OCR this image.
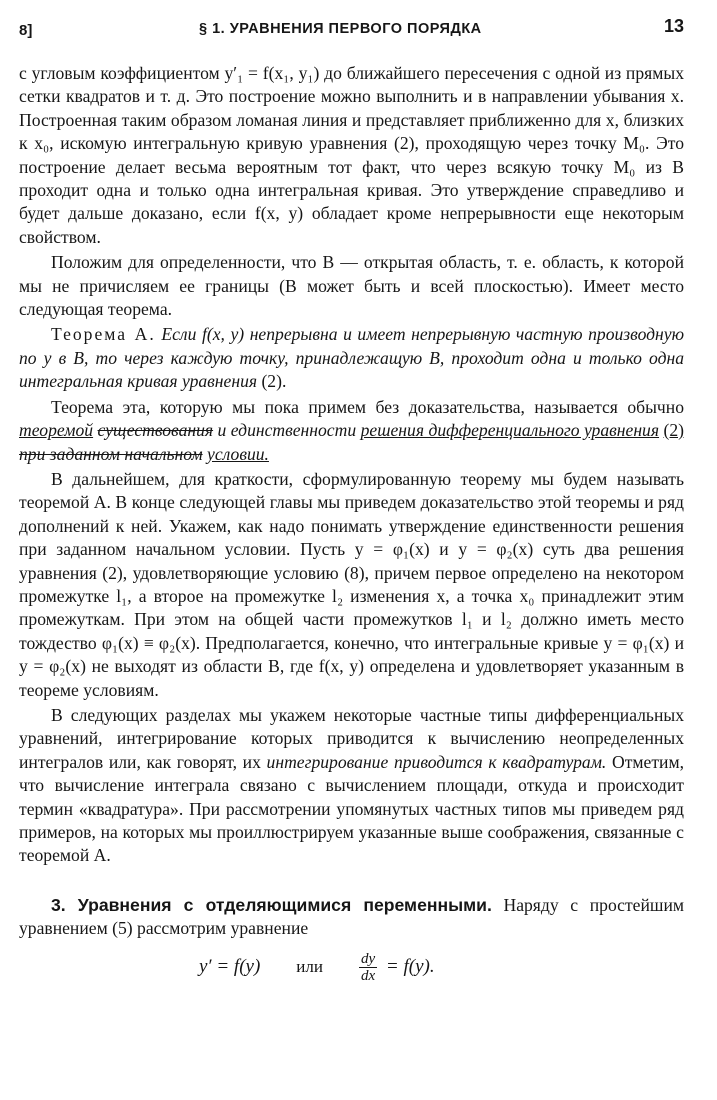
8]	§ 1. УРАВНЕНИЯ ПЕРВОГО ПОРЯДКА	13

с угловым коэффициентом y′₁ = f(x₁, y₁) до ближайшего пересечения с одной из прямых сетки квадратов и т. д. Это построение можно выполнить и в направлении убывания x. Построенная таким образом ломаная линия и представляет приближенно для x, близких к x₀, искомую интегральную кривую уравнения (2), проходящую через точку M₀. Это построение делает весьма вероятным тот факт, что через всякую точку M₀ из B проходит одна и только одна интегральная кривая. Это утверждение справедливо и будет дальше доказано, если f(x, y) обладает кроме непрерывности еще некоторым свойством.

Положим для определенности, что B — открытая область, т. е. область, к которой мы не причисляем ее границы (B может быть и всей плоскостью). Имеет место следующая теорема.

Теорема А. Если f(x, y) непрерывна и имеет непрерывную частную производную по y в B, то через каждую точку, принадлежащую B, проходит одна и только одна интегральная кривая уравнения (2).

Теорема эта, которую мы пока примем без доказательства, называется обычно теоремой существования и единственности решения дифференциального уравнения (2) при заданном начальном условии.

В дальнейшем, для краткости, сформулированную теорему мы будем называть теоремой А. В конце следующей главы мы приведем доказательство этой теоремы и ряд дополнений к ней. Укажем, как надо понимать утверждение единственности решения при заданном начальном условии. Пусть y = φ₁(x) и y = φ₂(x) суть два решения уравнения (2), удовлетворяющие условию (8), причем первое определено на некотором промежутке l₁, а второе на промежутке l₂ изменения x, а точка x₀ принадлежит этим промежуткам. При этом на общей части промежутков l₁ и l₂ должно иметь место тождество φ₁(x) ≡ φ₂(x). Предполагается, конечно, что интегральные кривые y = φ₁(x) и y = φ₂(x) не выходят из области B, где f(x, y) определена и удовлетворяет указанным в теореме условиям.

В следующих разделах мы укажем некоторые частные типы дифференциальных уравнений, интегрирование которых приводится к вычислению неопределенных интегралов или, как говорят, их интегрирование приводится к квадратурам. Отметим, что вычисление интеграла связано с вычислением площади, откуда и происходит термин «квадратура». При рассмотрении упомянутых частных типов мы приведем ряд примеров, на которых мы проиллюстрируем указанные выше соображения, связанные с теоремой А.

3. Уравнения с отделяющимися переменными. Наряду с простейшим уравнением (5) рассмотрим уравнение
y′ = f(y) или $\frac{dy}{dx} = f(y)$.
